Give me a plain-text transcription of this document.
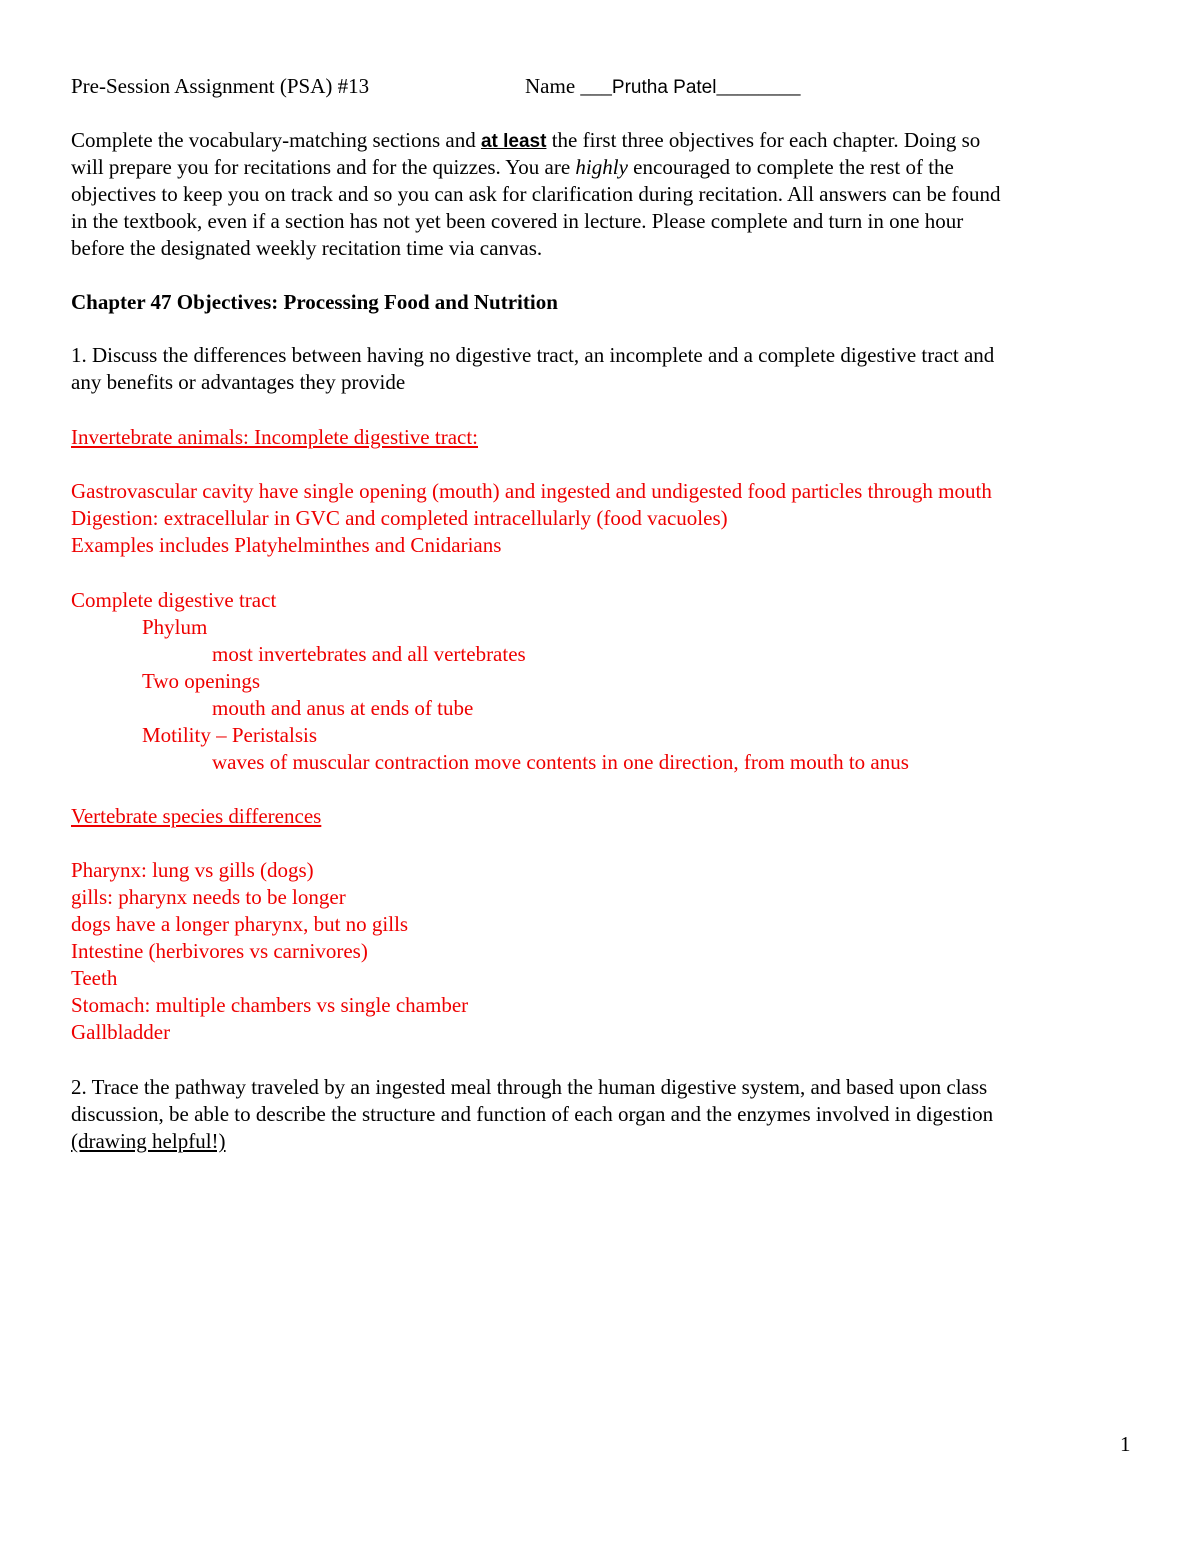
Pre-Session Assignment (PSA) #13	Name ___Prutha Patel________
Complete the vocabulary-matching sections and at least the first three objectives for each chapter. Doing so
will prepare you for recitations and for the quizzes. You are highly encouraged to complete the rest of the
objectives to keep you on track and so you can ask for clarification during recitation. All answers can be found
in the textbook, even if a section has not yet been covered in lecture. Please complete and turn in one hour
before the designated weekly recitation time via canvas.
Chapter 47 Objectives: Processing Food and Nutrition
1. Discuss the differences between having no digestive tract, an incomplete and a complete digestive tract and
any benefits or advantages they provide
Invertebrate animals: Incomplete digestive tract:
Gastrovascular cavity have single opening (mouth) and ingested and undigested food particles through mouth
Digestion: extracellular in GVC and completed intracellularly (food vacuoles)
Examples includes Platyhelminthes and Cnidarians
Complete digestive tract
Phylum
most invertebrates and all vertebrates
Two openings
mouth and anus at ends of tube
Motility – Peristalsis
waves of muscular contraction move contents in one direction, from mouth to anus
Vertebrate species differences
Pharynx: lung vs gills (dogs)
gills: pharynx needs to be longer
dogs have a longer pharynx, but no gills
Intestine (herbivores vs carnivores)
Teeth
Stomach: multiple chambers vs single chamber
Gallbladder
2. Trace the pathway traveled by an ingested meal through the human digestive system, and based upon class
discussion, be able to describe the structure and function of each organ and the enzymes involved in digestion
(drawing helpful!)
1
